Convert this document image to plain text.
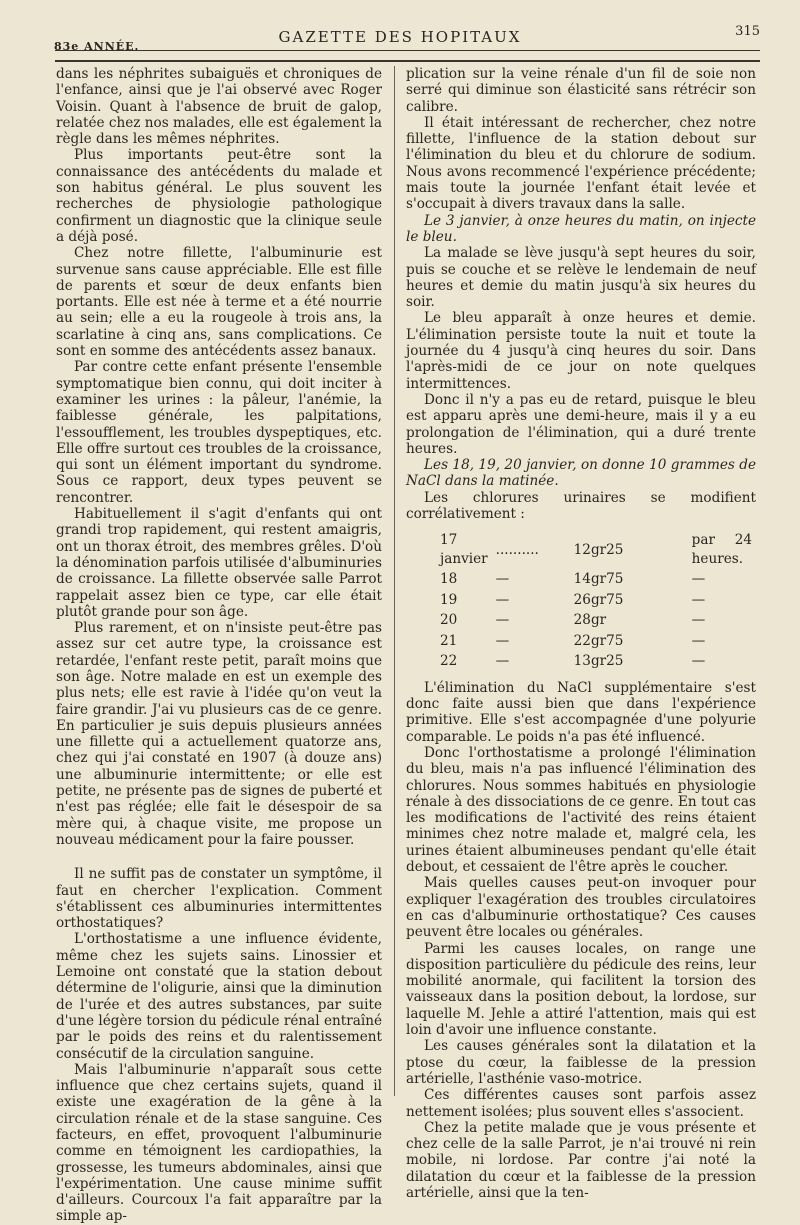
83e ANNÉE.
GAZETTE DES HOPITAUX	315

dans les néphrites subaiguës et chroniques de l'enfance, ainsi que je l'ai observé avec Roger Voisin. Quant à l'absence de bruit de galop, relatée chez nos malades, elle est également la règle dans les mêmes néphrites.

Plus importants peut-être sont la connaissance des antécédents du malade et son habitus général. Le plus souvent les recherches de physiologie pathologique confirment un diagnostic que la clinique seule a déjà posé.

Chez notre fillette, l'albuminurie est survenue sans cause appréciable. Elle est fille de parents et sœur de deux enfants bien portants. Elle est née à terme et a été nourrie au sein; elle a eu la rougeole à trois ans, la scarlatine à cinq ans, sans complications. Ce sont en somme des antécédents assez banaux.

Par contre cette enfant présente l'ensemble symptomatique bien connu, qui doit inciter à examiner les urines : la pâleur, l'anémie, la faiblesse générale, les palpitations, l'essoufflement, les troubles dyspeptiques, etc. Elle offre surtout ces troubles de la croissance, qui sont un élément important du syndrome. Sous ce rapport, deux types peuvent se rencontrer.

Habituellement il s'agit d'enfants qui ont grandi trop rapidement, qui restent amaigris, ont un thorax étroit, des membres grêles. D'où la dénomination parfois utilisée d'albuminuries de croissance. La fillette observée salle Parrot rappelait assez bien ce type, car elle était plutôt grande pour son âge.

Plus rarement, et on n'insiste peut-être pas assez sur cet autre type, la croissance est retardée, l'enfant reste petit, paraît moins que son âge. Notre malade en est un exemple des plus nets; elle est ravie à l'idée qu'on veut la faire grandir. J'ai vu plusieurs cas de ce genre. En particulier je suis depuis plusieurs années une fillette qui a actuellement quatorze ans, chez qui j'ai constaté en 1907 (à douze ans) une albuminurie intermittente; or elle est petite, ne présente pas de signes de puberté et n'est pas réglée; elle fait le désespoir de sa mère qui, à chaque visite, me propose un nouveau médicament pour la faire pousser.

Il ne suffit pas de constater un symptôme, il faut en chercher l'explication. Comment s'établissent ces albuminuries intermittentes orthostatiques?

L'orthostatisme a une influence évidente, même chez les sujets sains. Linossier et Lemoine ont constaté que la station debout détermine de l'oligurie, ainsi que la diminution de l'urée et des autres substances, par suite d'une légère torsion du pédicule rénal entraîné par le poids des reins et du ralentissement consécutif de la circulation sanguine.

Mais l'albuminurie n'apparaît sous cette influence que chez certains sujets, quand il existe une exagération de la gêne à la circulation rénale et de la stase sanguine. Ces facteurs, en effet, provoquent l'albuminurie comme en témoignent les cardiopathies, la grossesse, les tumeurs abdominales, ainsi que l'expérimentation. Une cause minime suffit d'ailleurs. Courcoux l'a fait apparaître par la simple ap-

plication sur la veine rénale d'un fil de soie non serré qui diminue son élasticité sans rétrécir son calibre.

Il était intéressant de rechercher, chez notre fillette, l'influence de la station debout sur l'élimination du bleu et du chlorure de sodium. Nous avons recommencé l'expérience précédente; mais toute la journée l'enfant était levée et s'occupait à divers travaux dans la salle.

Le 3 janvier, à onze heures du matin, on injecte le bleu.

La malade se lève jusqu'à sept heures du soir, puis se couche et se relève le lendemain de neuf heures et demie du matin jusqu'à six heures du soir.

Le bleu apparaît à onze heures et demie. L'élimination persiste toute la nuit et toute la journée du 4 jusqu'à cinq heures du soir. Dans l'après-midi de ce jour on note quelques intermittences.

Donc il n'y a pas eu de retard, puisque le bleu est apparu après une demi-heure, mais il y a eu prolongation de l'élimination, qui a duré trente heures.

Les 18, 19, 20 janvier, on donne 10 grammes de NaCl dans la matinée.

Les chlorures urinaires se modifient corrélativement :

17 janvier	..........	12gr25	par 24 heures.
18	—	14gr75	—
19	—	26gr75	—
20	—	28gr	—
21	—	22gr75	—
22	—	13gr25	—

L'élimination du NaCl supplémentaire s'est donc faite aussi bien que dans l'expérience primitive. Elle s'est accompagnée d'une polyurie comparable. Le poids n'a pas été influencé.

Donc l'orthostatisme a prolongé l'élimination du bleu, mais n'a pas influencé l'élimination des chlorures. Nous sommes habitués en physiologie rénale à des dissociations de ce genre. En tout cas les modifications de l'activité des reins étaient minimes chez notre malade et, malgré cela, les urines étaient albumineuses pendant qu'elle était debout, et cessaient de l'être après le coucher.

Mais quelles causes peut-on invoquer pour expliquer l'exagération des troubles circulatoires en cas d'albuminurie orthostatique? Ces causes peuvent être locales ou générales.

Parmi les causes locales, on range une disposition particulière du pédicule des reins, leur mobilité anormale, qui facilitent la torsion des vaisseaux dans la position debout, la lordose, sur laquelle M. Jehle a attiré l'attention, mais qui est loin d'avoir une influence constante.

Les causes générales sont la dilatation et la ptose du cœur, la faiblesse de la pression artérielle, l'asthénie vaso-motrice.

Ces différentes causes sont parfois assez nettement isolées; plus souvent elles s'associent.

Chez la petite malade que je vous présente et chez celle de la salle Parrot, je n'ai trouvé ni rein mobile, ni lordose. Par contre j'ai noté la dilatation du cœur et la faiblesse de la pression artérielle, ainsi que la ten-
